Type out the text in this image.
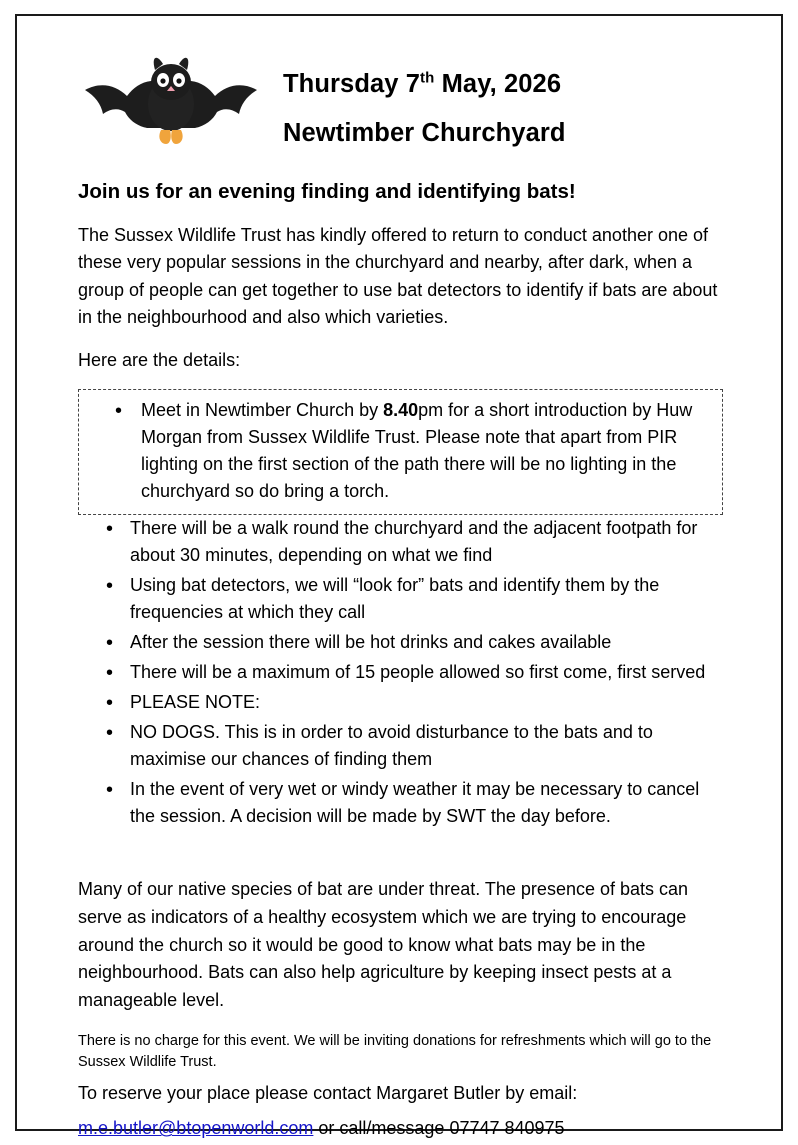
Thursday 7th May, 2026
Newtimber Churchyard
Join us for an evening finding and identifying bats!

The Sussex Wildlife Trust has kindly offered to return to conduct another one of these very popular sessions in the churchyard and nearby, after dark, when a group of people can get together to use bat detectors to identify if bats are about in the neighbourhood and also which varieties.

Here are the details:

• Meet in Newtimber Church by 8.40pm for a short introduction by Huw Morgan from Sussex Wildlife Trust. Please note that apart from PIR lighting on the first section of the path there will be no lighting in the churchyard so do bring a torch.
• There will be a walk round the churchyard and the adjacent footpath for about 30 minutes, depending on what we find
• Using bat detectors, we will “look for” bats and identify them by the frequencies at which they call
• After the session there will be hot drinks and cakes available
• There will be a maximum of 15 people allowed so first come, first served
• PLEASE NOTE:
• NO DOGS. This is in order to avoid disturbance to the bats and to maximise our chances of finding them
• In the event of very wet or windy weather it may be necessary to cancel the session. A decision will be made by SWT the day before.

Many of our native species of bat are under threat. The presence of bats can serve as indicators of a healthy ecosystem which we are trying to encourage around the church so it would be good to know what bats may be in the neighbourhood. Bats can also help agriculture by keeping insect pests at a manageable level.

There is no charge for this event. We will be inviting donations for refreshments which will go to the Sussex Wildlife Trust.

To reserve your place please contact Margaret Butler by email:

m.e.butler@btopenworld.com or call/message 07747 840975
